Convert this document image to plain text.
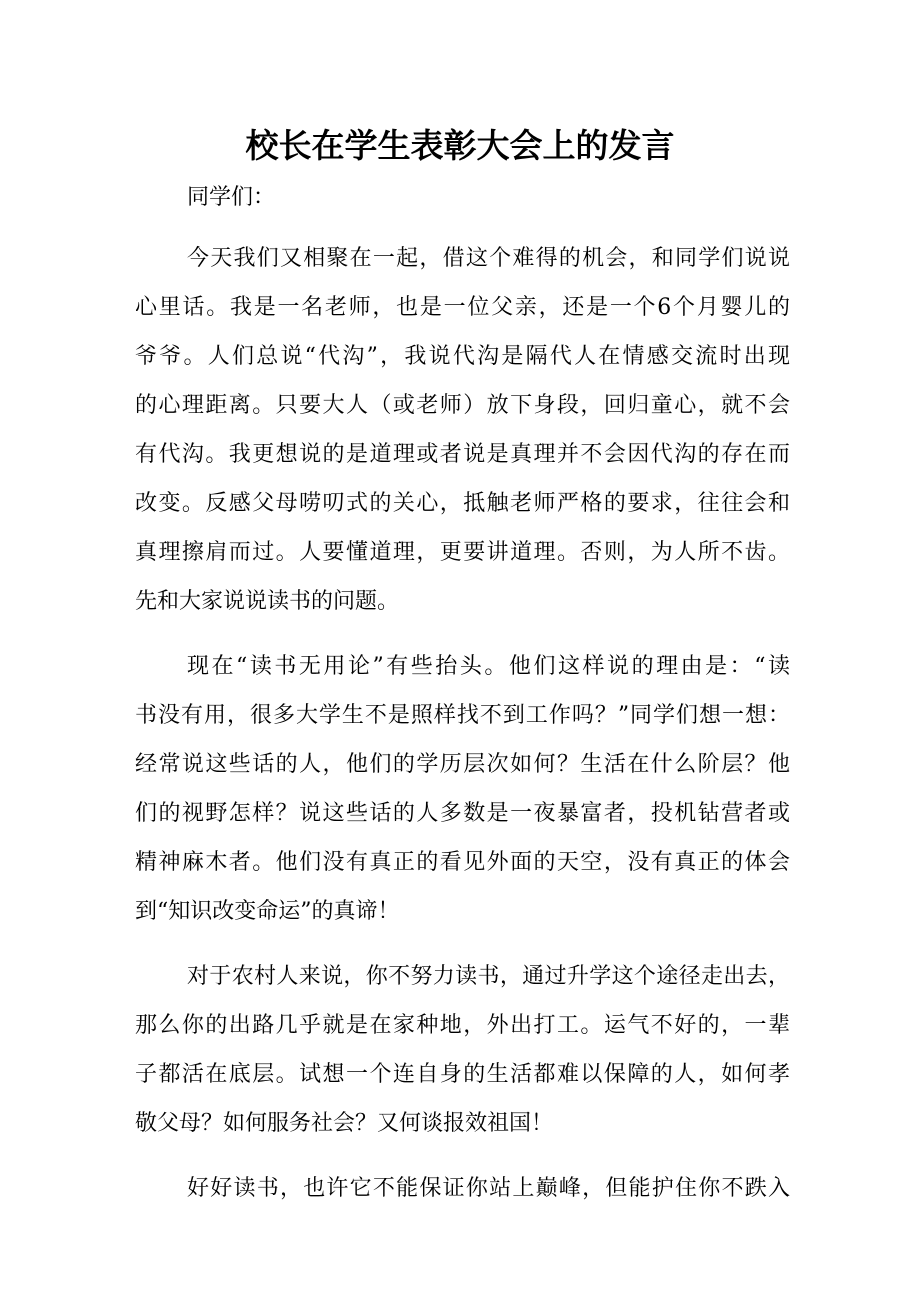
校长在学生表彰大会上的发言

同学们：

今天我们又相聚在一起，借这个难得的机会，和同学们说说
心里话。我是一名老师，也是一位父亲，还是一个6个月婴儿的
爷爷。人们总说“代沟”，我说代沟是隔代人在情感交流时出现
的心理距离。只要大人（或老师）放下身段，回归童心，就不会
有代沟。我更想说的是道理或者说是真理并不会因代沟的存在而
改变。反感父母唠叨式的关心，抵触老师严格的要求，往往会和
真理擦肩而过。人要懂道理，更要讲道理。否则，为人所不齿。
先和大家说说读书的问题。

现在“读书无用论”有些抬头。他们这样说的理由是：“读
书没有用，很多大学生不是照样找不到工作吗？”同学们想一想：
经常说这些话的人，他们的学历层次如何？生活在什么阶层？他
们的视野怎样？说这些话的人多数是一夜暴富者，投机钻营者或
精神麻木者。他们没有真正的看见外面的天空，没有真正的体会
到“知识改变命运”的真谛！

对于农村人来说，你不努力读书，通过升学这个途径走出去，
那么你的出路几乎就是在家种地，外出打工。运气不好的，一辈
子都活在底层。试想一个连自身的生活都难以保障的人，如何孝
敬父母？如何服务社会？又何谈报效祖国！

好好读书，也许它不能保证你站上巅峰，但能护住你不跌入
